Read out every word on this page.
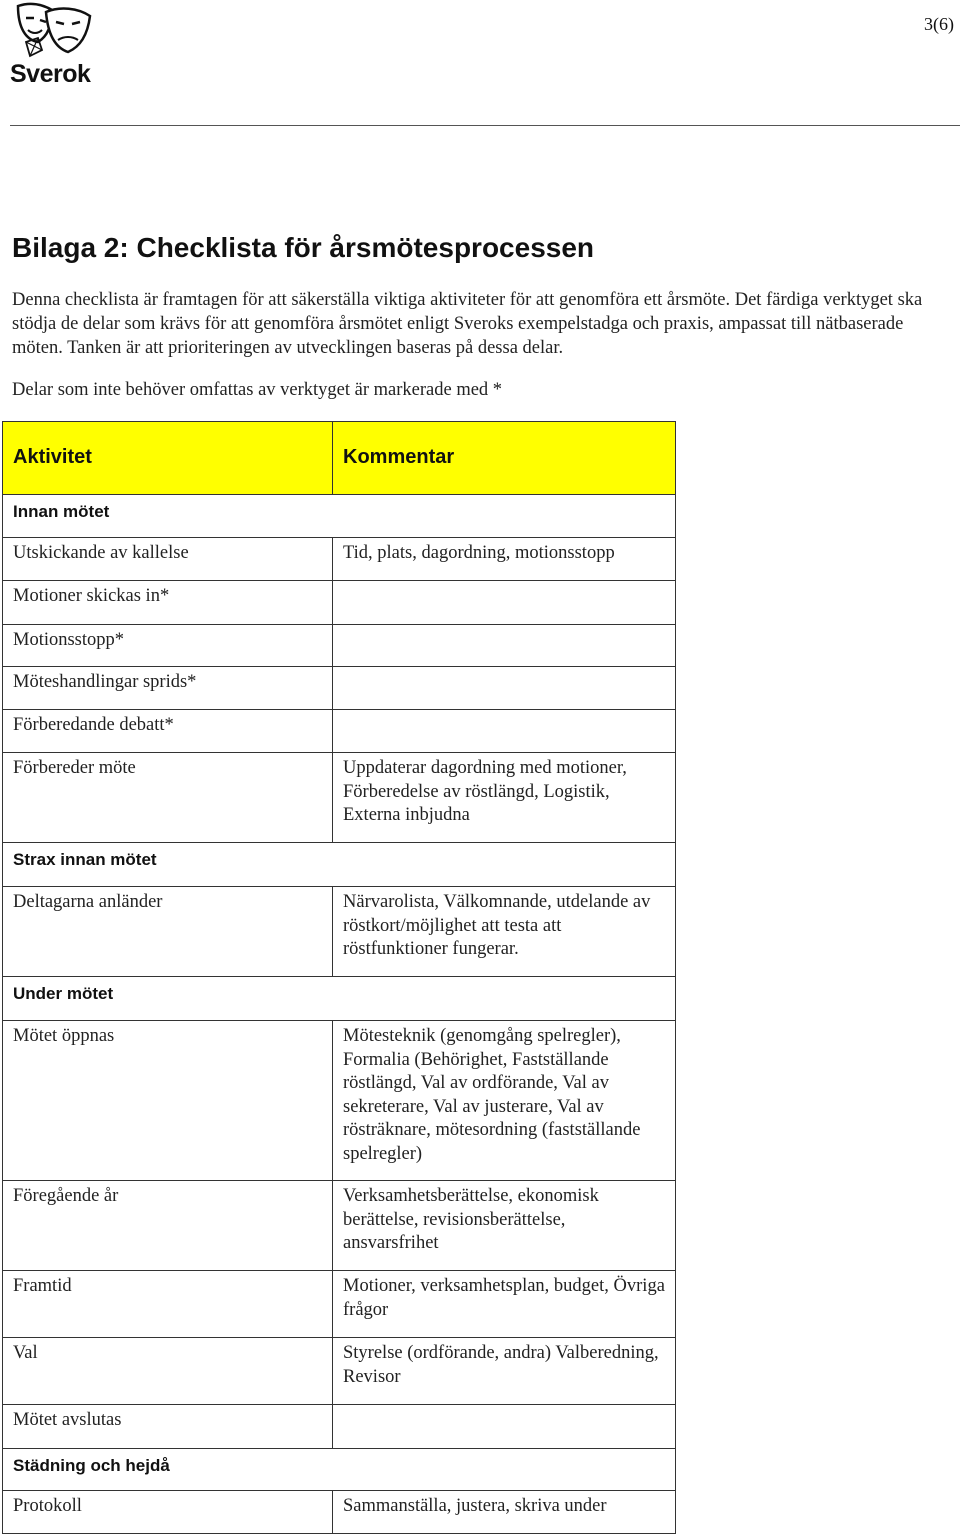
Sverok
3(6)
Bilaga 2: Checklista för årsmötesprocessen

Denna checklista är framtagen för att säkerställa viktiga aktiviteter för att genomföra ett årsmöte. Det färdiga verktyget ska stödja de delar som krävs för att genomföra årsmötet enligt Sveroks exempelstadga och praxis, ampassat till nätbaserade möten. Tanken är att prioriteringen av utvecklingen baseras på dessa delar.

Delar som inte behöver omfattas av verktyget är markerade med *

Aktivitet	Kommentar
Innan mötet	
Utskickande av kallelse	Tid, plats, dagordning, motionsstopp
Motioner skickas in*	
Motionsstopp*	
Möteshandlingar sprids*	
Förberedande debatt*	
Förbereder möte	Uppdaterar dagordning med motioner, Förberedelse av röstlängd, Logistik, Externa inbjudna
Strax innan mötet	
Deltagarna anländer	Närvarolista, Välkomnande, utdelande av röstkort/möjlighet att testa att röstfunktioner fungerar.
Under mötet	
Mötet öppnas	Mötesteknik (genomgång spelregler), Formalia (Behörighet, Fastställande röstlängd, Val av ordförande, Val av sekreterare, Val av justerare, Val av rösträknare, mötesordning (fastställande spelregler)
Föregående år	Verksamhetsberättelse, ekonomisk berättelse, revisionsberättelse, ansvarsfrihet
Framtid	Motioner, verksamhetsplan, budget, Övriga frågor
Val	Styrelse (ordförande, andra) Valberedning, Revisor
Mötet avslutas	
Städning och hejdå	
Protokoll	Sammanställa, justera, skriva under
